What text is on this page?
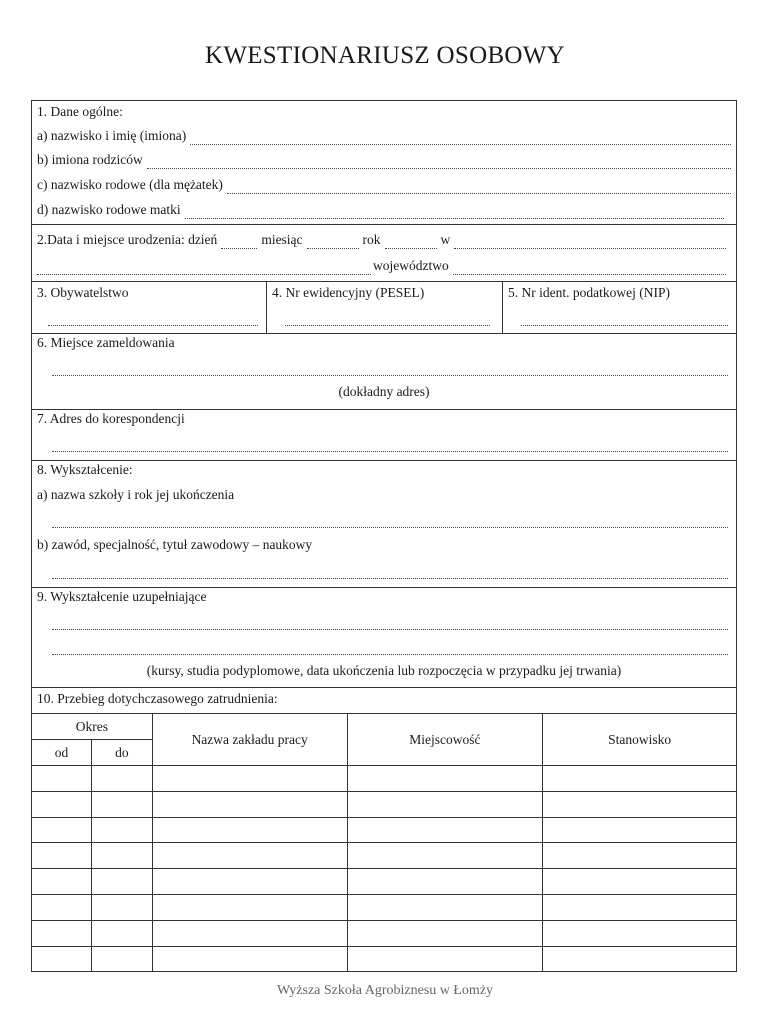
KWESTIONARIUSZ OSOBOWY
1. Dane ogólne:
a) nazwisko i imię (imiona)
b) imiona rodziców
c) nazwisko rodowe (dla mężatek)
d) nazwisko rodowe matki
2.Data i miejsce urodzenia: dzień	miesiąc	rok	w
województwo
3. Obywatelstwo	4. Nr ewidencyjny (PESEL)	5. Nr ident. podatkowej (NIP)
6. Miejsce zameldowania
(dokładny adres)
7. Adres do korespondencji
8. Wykształcenie:
a) nazwa szkoły i rok jej ukończenia
b) zawód, specjalność, tytuł zawodowy – naukowy
9. Wykształcenie uzupełniające
(kursy, studia podyplomowe, data ukończenia lub rozpoczęcia w przypadku jej trwania)
10. Przebieg dotychczasowego zatrudnienia:
Okres		Nazwa zakładu pracy	Miejscowość	Stanowisko
od	do			

Wyższa Szkoła Agrobiznesu w Łomży
